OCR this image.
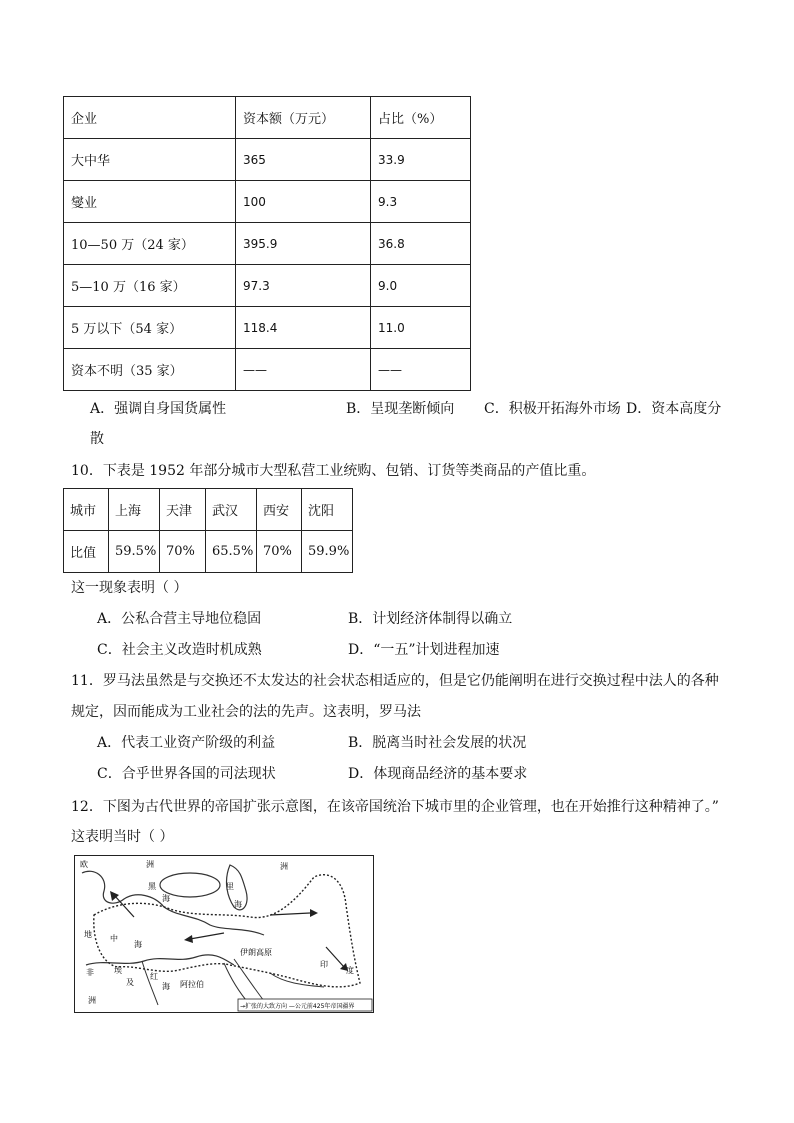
企业	资本额（万元）	占比（%）
大中华	365	33.9
燮业	100	9.3
10—50 万（24 家）	395.9	36.8
5—10 万（16 家）	97.3	9.0
5 万以下（54 家）	118.4	11.0
资本不明（35 家）	——	——
A．强调自身国货属性	B．呈现垄断倾向 C．积极开拓海外市场 D．资本高度分
散
10．下表是 1952 年部分城市大型私营工业统购、包销、订货等类商品的产值比重。
城市	上海	天津	武汉	西安	沈阳
比值	59.5%	70%	65.5%	70%	59.9%
这一现象表明（ ）
A．公私合营主导地位稳固	B．计划经济体制得以确立
C．社会主义改造时机成熟	D．“一五”计划进程加速
11．罗马法虽然是与交换还不太发达的社会状态相适应的，但是它仍能阐明在进行交换过程中法人的各种
规定，因而能成为工业社会的法的先声。这表明，罗马法
A．代表工业资产阶级的利益	B．脱离当时社会发展的状况
C．合乎世界各国的司法现状	D．体现商品经济的基本要求
12．下图为古代世界的帝国扩张示意图，在该帝国统治下城市里的企业管理，也在开始推行这种精神了。”
这表明当时（ ）
欧	洲	洲
黑
海
里
海
地 中
海
伊朗高原
非	埃
及
红
海 阿拉伯
印
度
洲
→扩张的大致方向 —公元前425年帝国疆界
